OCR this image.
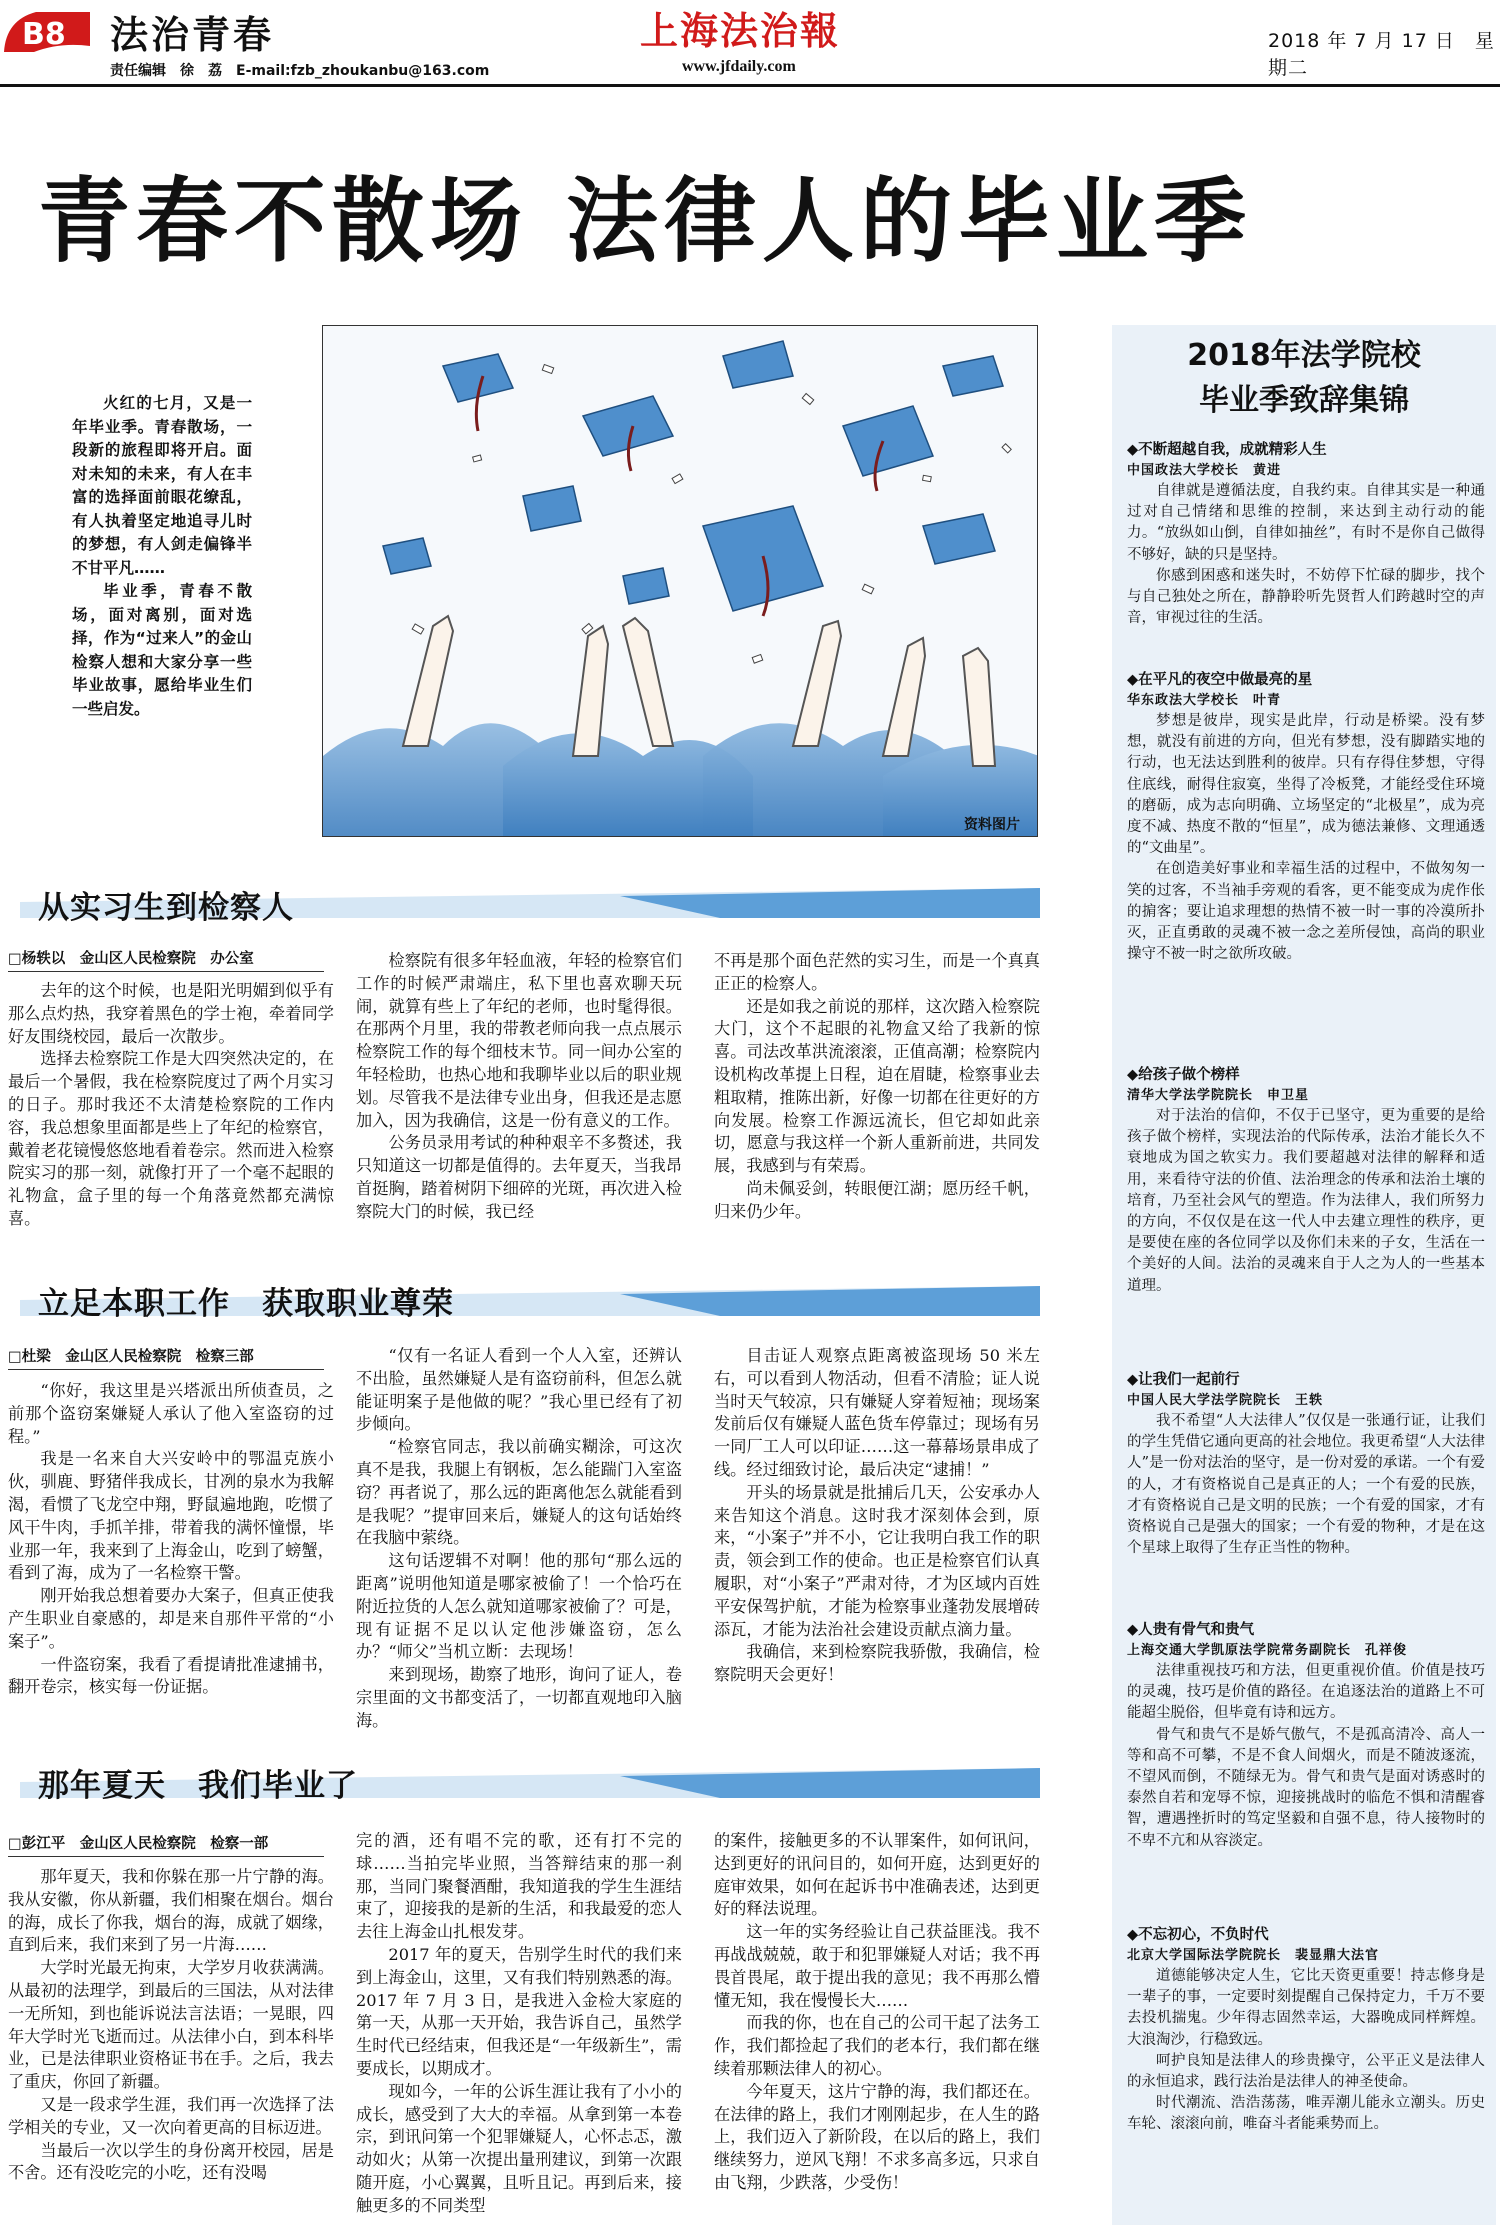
B8 法治青春
责任编辑　徐　荔　E-mail:fzb_zhoukanbu@163.com
上海法治報
www.jfdaily.com
2018 年 7 月 17 日　星期二
青春不散场 法律人的毕业季

火红的七月，又是一年毕业季。青春散场，一段新的旅程即将开启。面对未知的未来，有人在丰富的选择面前眼花缭乱，有人执着坚定地追寻儿时的梦想，有人剑走偏锋半不甘平凡……

毕业季，青春不散场，面对离别，面对选择，作为“过来人”的金山检察人想和大家分享一些毕业故事，愿给毕业生们一些启发。

资料图片
2018年法学院校
毕业季致辞集锦
◆不断超越自我，成就精彩人生
中国政法大学校长　黄进

自律就是遵循法度，自我约束。自律其实是一种通过对自己情绪和思维的控制，来达到主动行动的能力。“放纵如山倒，自律如抽丝”，有时不是你自己做得不够好，缺的只是坚持。

你感到困惑和迷失时，不妨停下忙碌的脚步，找个与自己独处之所在，静静聆听先贤哲人们跨越时空的声音，审视过往的生活。

◆在平凡的夜空中做最亮的星
华东政法大学校长　叶青

梦想是彼岸，现实是此岸，行动是桥梁。没有梦想，就没有前进的方向，但光有梦想，没有脚踏实地的行动，也无法达到胜利的彼岸。只有存得住梦想，守得住底线，耐得住寂寞，坐得了冷板凳，才能经受住环境的磨砺，成为志向明确、立场坚定的“北极星”，成为亮度不减、热度不散的“恒星”，成为德法兼修、文理通透的“文曲星”。

在创造美好事业和幸福生活的过程中，不做匆匆一笑的过客，不当袖手旁观的看客，更不能变成为虎作伥的掮客；要让追求理想的热情不被一时一事的冷漠所扑灭，正直勇敢的灵魂不被一念之差所侵蚀，高尚的职业操守不被一时之欲所攻破。

◆给孩子做个榜样
清华大学法学院院长　申卫星

对于法治的信仰，不仅于已坚守，更为重要的是给孩子做个榜样，实现法治的代际传承，法治才能长久不衰地成为国之软实力。我们要超越对法律的解释和适用，来看待守法的价值、法治理念的传承和法治土壤的培育，乃至社会风气的塑造。作为法律人，我们所努力的方向，不仅仅是在这一代人中去建立理性的秩序，更是要使在座的各位同学以及你们未来的子女，生活在一个美好的人间。法治的灵魂来自于人之为人的一些基本道理。

◆让我们一起前行
中国人民大学法学院院长　王轶

我不希望“人大法律人”仅仅是一张通行证，让我们的学生凭借它通向更高的社会地位。我更希望“人大法律人”是一份对法治的坚守，是一份对爱的承诺。一个有爱的人，才有资格说自己是真正的人；一个有爱的民族，才有资格说自己是文明的民族；一个有爱的国家，才有资格说自己是强大的国家；一个有爱的物种，才是在这个星球上取得了生存正当性的物种。

◆人贵有骨气和贵气
上海交通大学凯原法学院常务副院长　孔祥俊

法律重视技巧和方法，但更重视价值。价值是技巧的灵魂，技巧是价值的路径。在追逐法治的道路上不可能超尘脱俗，但毕竟有诗和远方。

骨气和贵气不是娇气傲气，不是孤高清冷、高人一等和高不可攀，不是不食人间烟火，而是不随波逐流，不望风而倒，不随绿无为。骨气和贵气是面对诱惑时的泰然自若和宠辱不惊，迎接挑战时的临危不惧和清醒睿智，遭遇挫折时的笃定坚毅和自强不息，待人接物时的不卑不亢和从容淡定。

◆不忘初心，不负时代
北京大学国际法学院院长　裴显鼎大法官

道德能够决定人生，它比天资更重要！持志修身是一辈子的事，一定要时刻提醒自己保持定力，千万不要去投机揣鬼。少年得志固然幸运，大器晚成同样辉煌。大浪淘沙，行稳致远。

呵护良知是法律人的珍贵操守，公平正义是法律人的永恒追求，践行法治是法律人的神圣使命。

时代潮流、浩浩荡荡，唯弄潮儿能永立潮头。历史车轮、滚滚向前，唯奋斗者能乘势而上。

从实习生到检察人
□杨轶以　金山区人民检察院　办公室

去年的这个时候，也是阳光明媚到似乎有那么点灼热，我穿着黑色的学士袍，牵着同学好友围绕校园，最后一次散步。

选择去检察院工作是大四突然决定的，在最后一个暑假，我在检察院度过了两个月实习的日子。那时我还不太清楚检察院的工作内容，我总想象里面都是些上了年纪的检察官，戴着老花镜慢悠悠地看着卷宗。然而进入检察院实习的那一刻，就像打开了一个毫不起眼的礼物盒，盒子里的每一个角落竟然都充满惊喜。

检察院有很多年轻血液，年轻的检察官们工作的时候严肃端庄，私下里也喜欢聊天玩闹，就算有些上了年纪的老师，也时髦得很。在那两个月里，我的带教老师向我一点点展示检察院工作的每个细枝末节。同一间办公室的年轻检助，也热心地和我聊毕业以后的职业规划。尽管我不是法律专业出身，但我还是志愿加入，因为我确信，这是一份有意义的工作。

公务员录用考试的种种艰辛不多赘述，我只知道这一切都是值得的。去年夏天，当我昂首挺胸，踏着树阴下细碎的光斑，再次进入检察院大门的时候，我已经

不再是那个面色茫然的实习生，而是一个真真正正的检察人。

还是如我之前说的那样，这次踏入检察院大门，这个不起眼的礼物盒又给了我新的惊喜。司法改革洪流滚滚，正值高潮；检察院内设机构改革提上日程，迫在眉睫，检察事业去粗取精，推陈出新，好像一切都在往更好的方向发展。检察工作源远流长，但它却如此亲切，愿意与我这样一个新人重新前进，共同发展，我感到与有荣焉。

尚未佩妥剑，转眼便江湖；愿历经千帆，归来仍少年。

立足本职工作　获取职业尊荣
□杜梁　金山区人民检察院　检察三部

“你好，我这里是兴塔派出所侦查员，之前那个盗窃案嫌疑人承认了他入室盗窃的过程。”

我是一名来自大兴安岭中的鄂温克族小伙，驯鹿、野猪伴我成长，甘冽的泉水为我解渴，看惯了飞龙空中翔，野鼠遍地跑，吃惯了风干牛肉，手抓羊排，带着我的满怀憧憬，毕业那一年，我来到了上海金山，吃到了螃蟹，看到了海，成为了一名检察干警。

刚开始我总想着要办大案子，但真正使我产生职业自豪感的，却是来自那件平常的“小案子”。

一件盗窃案，我看了看提请批准逮捕书，翻开卷宗，核实每一份证据。

“仅有一名证人看到一个人入室，还辨认不出脸，虽然嫌疑人是有盗窃前科，但怎么就能证明案子是他做的呢？”我心里已经有了初步倾向。

“检察官同志，我以前确实糊涂，可这次真不是我，我腿上有钢板，怎么能踹门入室盗窃？再者说了，那么远的距离他怎么就能看到是我呢？”提审回来后，嫌疑人的这句话始终在我脑中萦绕。

这句话逻辑不对啊！他的那句“那么远的距离”说明他知道是哪家被偷了！一个恰巧在附近拉货的人怎么就知道哪家被偷了？可是，现有证据不足以认定他涉嫌盗窃，怎么办？“师父”当机立断：去现场！

来到现场，勘察了地形，询问了证人，卷宗里面的文书都变活了，一切都直观地印入脑海。

目击证人观察点距离被盗现场 50 米左右，可以看到人物活动，但看不清脸；证人说当时天气较凉，只有嫌疑人穿着短袖；现场案发前后仅有嫌疑人蓝色货车停靠过；现场有另一同厂工人可以印证……这一幕幕场景串成了线。经过细致讨论，最后决定“逮捕！”

开头的场景就是批捕后几天，公安承办人来告知这个消息。这时我才深刻体会到，原来，“小案子”并不小，它让我明白我工作的职责，领会到工作的使命。也正是检察官们认真履职，对“小案子”严肃对待，才为区域内百姓平安保驾护航，才能为检察事业蓬勃发展增砖添瓦，才能为法治社会建设贡献点滴力量。

我确信，来到检察院我骄傲，我确信，检察院明天会更好！

那年夏天　我们毕业了
□彭江平　金山区人民检察院　检察一部

那年夏天，我和你躲在那一片宁静的海。我从安徽，你从新疆，我们相聚在烟台。烟台的海，成长了你我，烟台的海，成就了姻缘，直到后来，我们来到了另一片海……

大学时光最无拘束，大学岁月收获满满。从最初的法理学，到最后的三国法，从对法律一无所知，到也能诉说法言法语；一晃眼，四年大学时光飞逝而过。从法律小白，到本科毕业，已是法律职业资格证书在手。之后，我去了重庆，你回了新疆。

又是一段求学生涯，我们再一次选择了法学相关的专业，又一次向着更高的目标迈进。

当最后一次以学生的身份离开校园，居是不舍。还有没吃完的小吃，还有没喝

完的酒，还有唱不完的歌，还有打不完的球……当拍完毕业照，当答辩结束的那一刹那，当同门聚餐酒酣，我知道我的学生生涯结束了，迎接我的是新的生活，和我最爱的恋人去往上海金山扎根发芽。

2017 年的夏天，告别学生时代的我们来到上海金山，这里，又有我们特别熟悉的海。2017 年 7 月 3 日，是我进入金检大家庭的第一天，从那一天开始，我告诉自己，虽然学生时代已经结束，但我还是“一年级新生”，需要成长，以期成才。

现如今，一年的公诉生涯让我有了小小的成长，感受到了大大的幸福。从拿到第一本卷宗，到讯问第一个犯罪嫌疑人，心怀忐忑，激动如火；从第一次提出量刑建议，到第一次跟随开庭，小心翼翼，且听且记。再到后来，接触更多的不同类型

的案件，接触更多的不认罪案件，如何讯问，达到更好的讯问目的，如何开庭，达到更好的庭审效果，如何在起诉书中准确表述，达到更好的释法说理。

这一年的实务经验让自己获益匪浅。我不再战战兢兢，敢于和犯罪嫌疑人对话；我不再畏首畏尾，敢于提出我的意见；我不再那么懵懂无知，我在慢慢长大……

而我的你，也在自己的公司干起了法务工作，我们都捡起了我们的老本行，我们都在继续着那颗法律人的初心。

今年夏天，这片宁静的海，我们都还在。在法律的路上，我们才刚刚起步，在人生的路上，我们迈入了新阶段，在以后的路上，我们继续努力，逆风飞翔！不求多高多远，只求自由飞翔，少跌落，少受伤！
